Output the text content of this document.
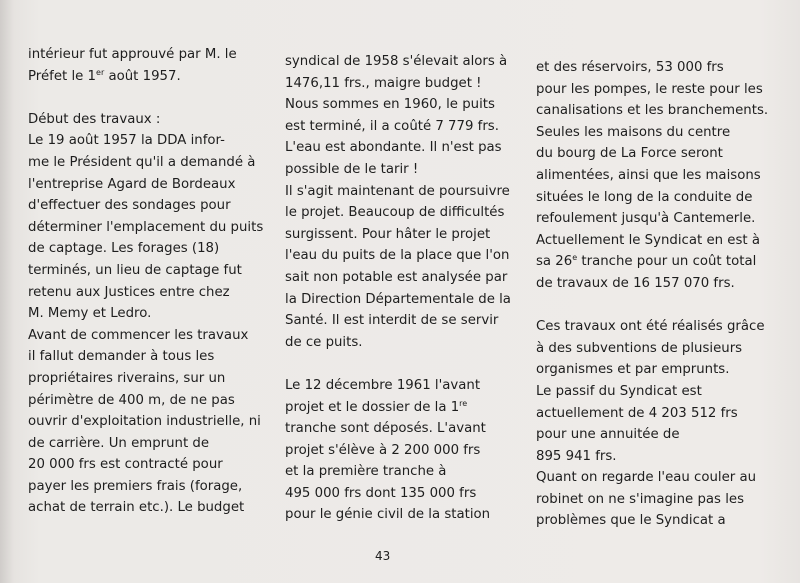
intérieur fut approuvé par M. le
Préfet le 1er août 1957.
Début des travaux :
Le 19 août 1957 la DDA infor-
me le Président qu'il a demandé à
l'entreprise Agard de Bordeaux
d'effectuer des sondages pour
déterminer l'emplacement du puits
de captage. Les forages (18)
terminés, un lieu de captage fut
retenu aux Justices entre chez
M. Memy et Ledro.
Avant de commencer les travaux
il fallut demander à tous les
propriétaires riverains, sur un
périmètre de 400 m, de ne pas
ouvrir d'exploitation industrielle, ni
de carrière. Un emprunt de
20 000 frs est contracté pour
payer les premiers frais (forage,
achat de terrain etc.). Le budget
syndical de 1958 s'élevait alors à
1476,11 frs., maigre budget !
Nous sommes en 1960, le puits
est terminé, il a coûté 7 779 frs.
L'eau est abondante. Il n'est pas
possible de le tarir !
Il s'agit maintenant de poursuivre
le projet. Beaucoup de difficultés
surgissent. Pour hâter le projet
l'eau du puits de la place que l'on
sait non potable est analysée par
la Direction Départementale de la
Santé. Il est interdit de se servir
de ce puits.
Le 12 décembre 1961 l'avant
projet et le dossier de la 1re
tranche sont déposés. L'avant
projet s'élève à 2 200 000 frs
et la première tranche à
495 000 frs dont 135 000 frs
pour le génie civil de la station
et des réservoirs, 53 000 frs
pour les pompes, le reste pour les
canalisations et les branchements.
Seules les maisons du centre
du bourg de La Force seront
alimentées, ainsi que les maisons
situées le long de la conduite de
refoulement jusqu'à Cantemerle.
Actuellement le Syndicat en est à
sa 26e tranche pour un coût total
de travaux de 16 157 070 frs.
Ces travaux ont été réalisés grâce
à des subventions de plusieurs
organismes et par emprunts.
Le passif du Syndicat est
actuellement de 4 203 512 frs
pour une annuitée de
895 941 frs.
Quant on regarde l'eau couler au
robinet on ne s'imagine pas les
problèmes que le Syndicat a
43
